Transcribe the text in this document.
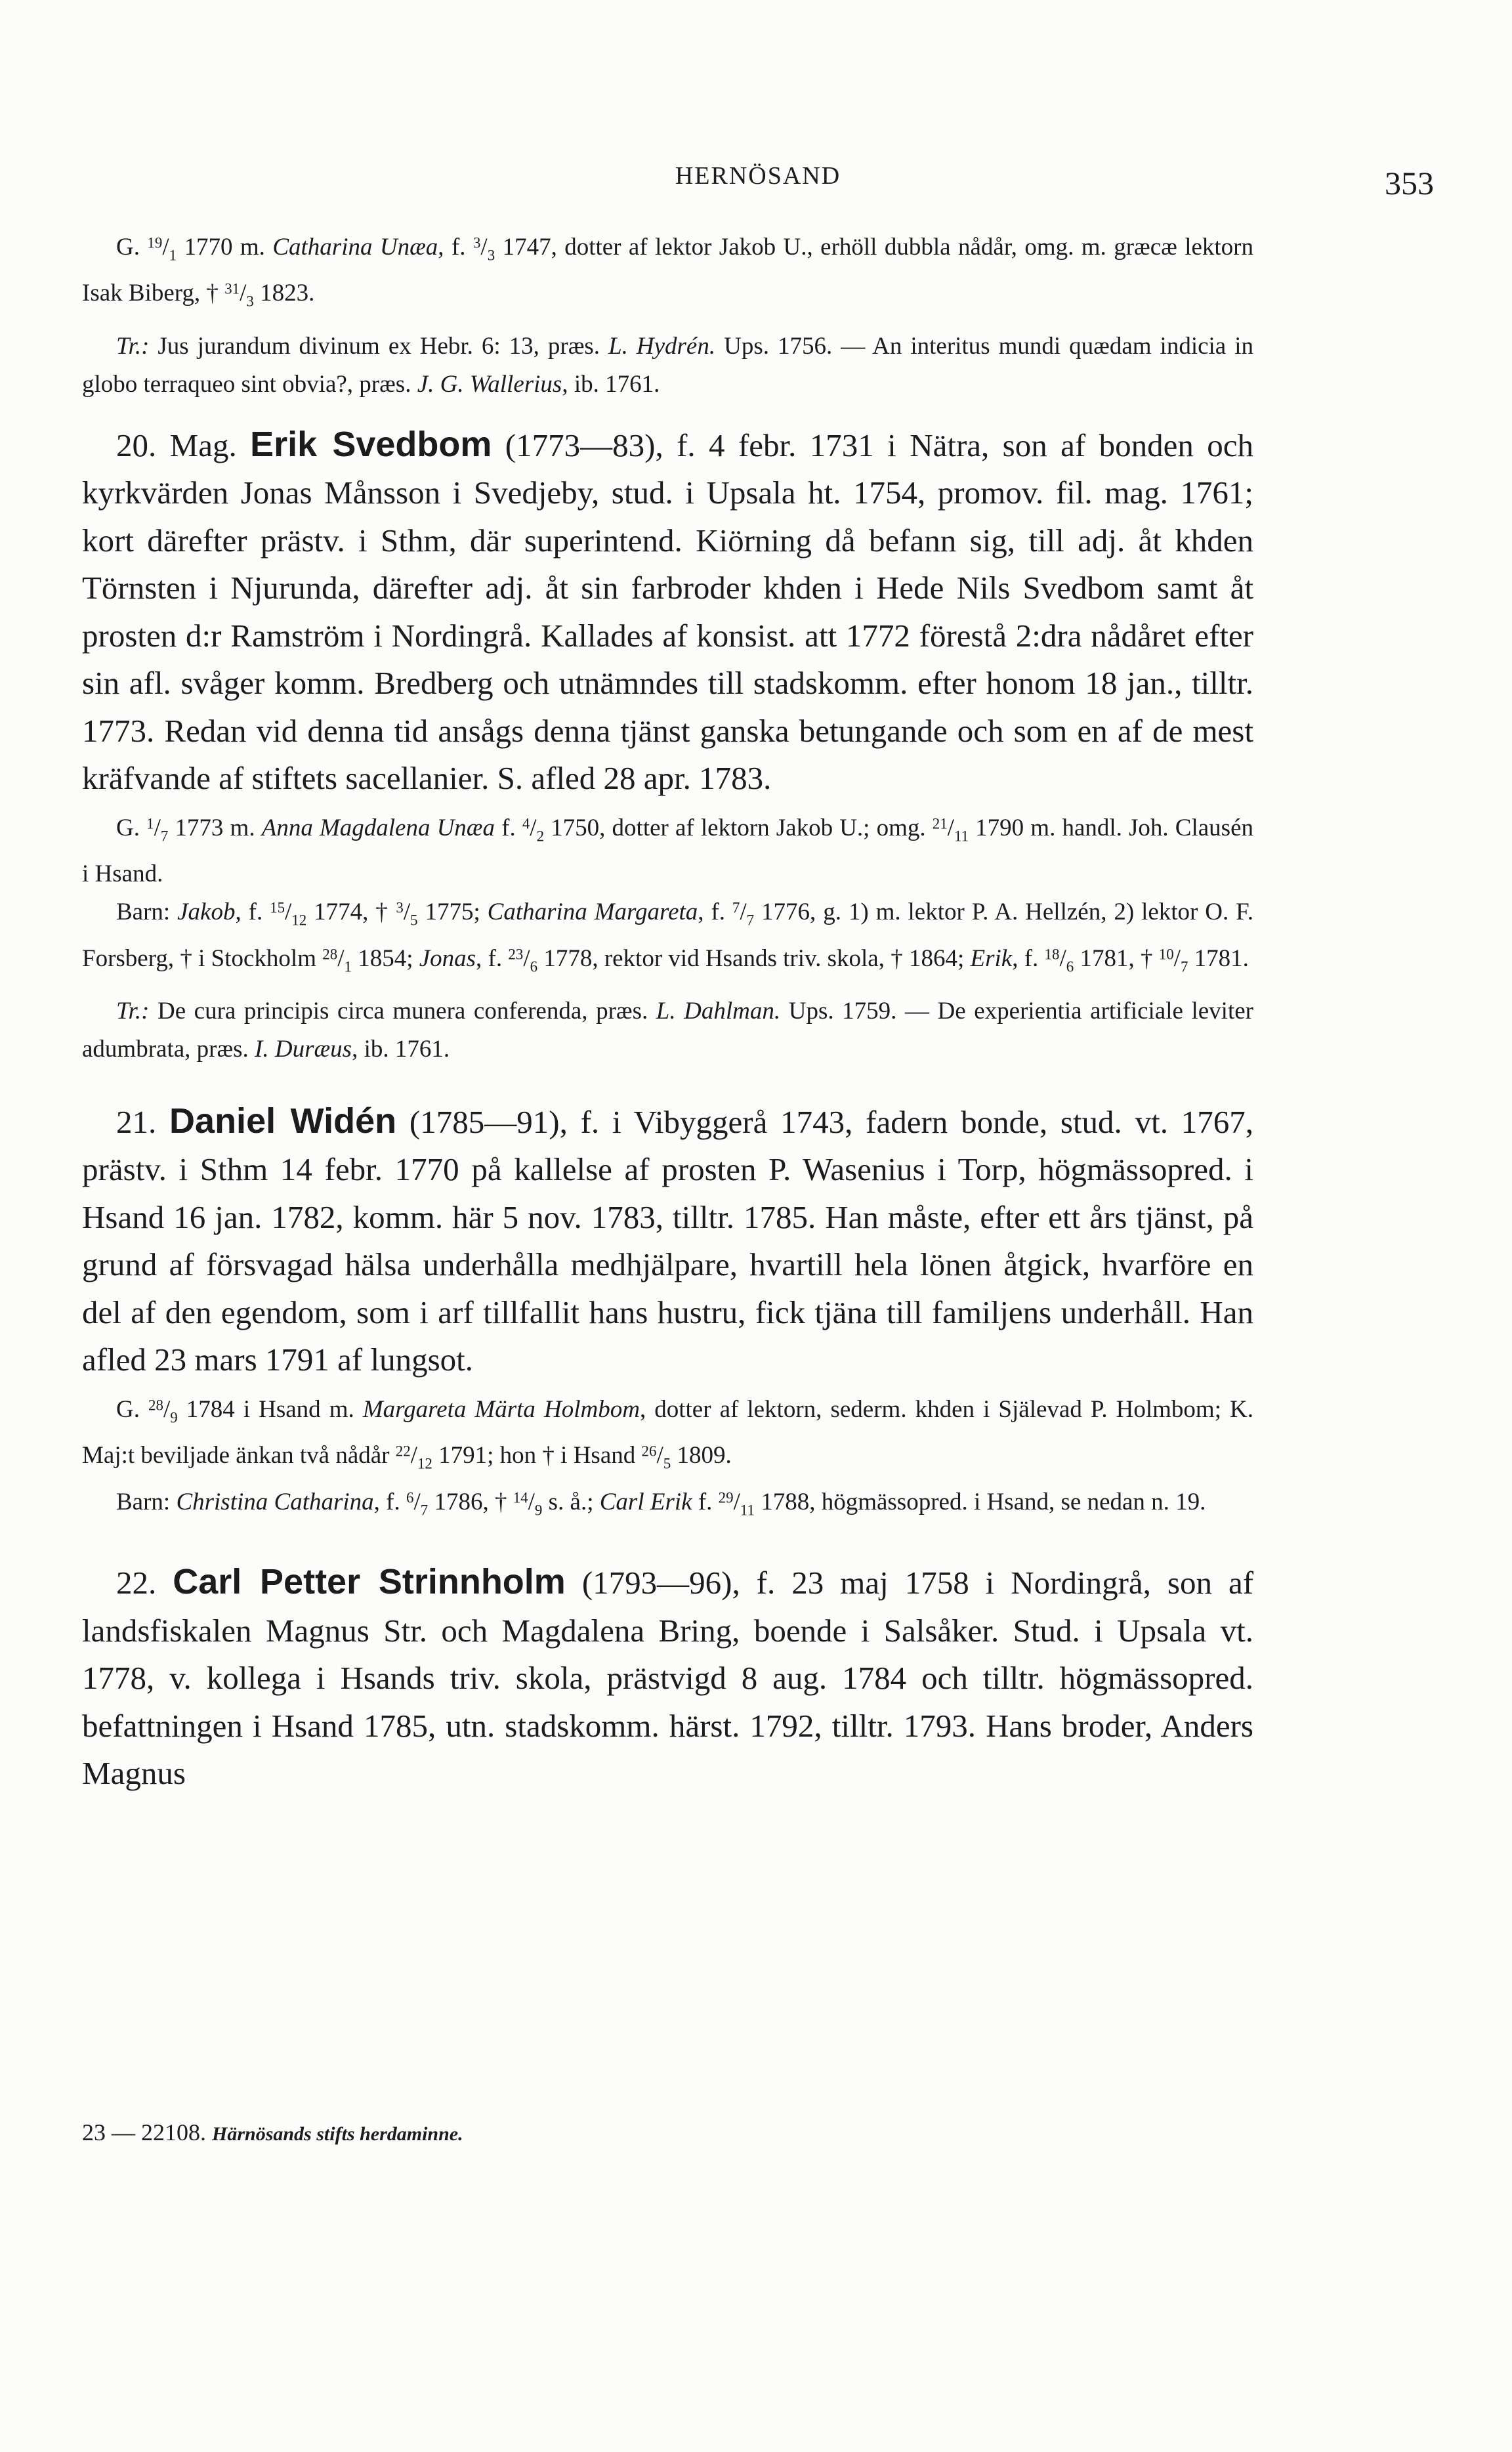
HERNÖSAND	353
G. $^{19}/_1$ 1770 m. Catharina Unæa, f. $^3/_3$ 1747, dotter af lektor Jakob U., erhöll dubbla nådår, omg. m. græcæ lektorn Isak Biberg, † $^{31}/_3$ 1823.
Tr.: Jus jurandum divinum ex Hebr. 6: 13, præs. L. Hydrén. Ups. 1756. — An interitus mundi quædam indicia in globo terraqueo sint obvia?, præs. J. G. Wallerius, ib. 1761.
20. Mag. Erik Svedbom (1773—83), f. 4 febr. 1731 i Nätra, son af bonden och kyrkvärden Jonas Månsson i Svedjeby, stud. i Upsala ht. 1754, promov. fil. mag. 1761; kort därefter prästv. i Sthm, där superintend. Kiörning då befann sig, till adj. åt khden Törnsten i Njurunda, därefter adj. åt sin farbroder khden i Hede Nils Svedbom samt åt prosten d:r Ramström i Nordingrå. Kallades af konsist. att 1772 förestå 2:dra nådåret efter sin afl. svåger komm. Bredberg och utnämndes till stadskomm. efter honom 18 jan., tilltr. 1773. Redan vid denna tid ansågs denna tjänst ganska betungande och som en af de mest kräfvande af stiftets sacellanier. S. afled 28 apr. 1783.
G. $^1/_7$ 1773 m. Anna Magdalena Unæa f. $^4/_2$ 1750, dotter af lektorn Jakob U.; omg. $^{21}/_{11}$ 1790 m. handl. Joh. Clausén i Hsand.
Barn: Jakob, f. $^{15}/_{12}$ 1774, † $^3/_5$ 1775; Catharina Margareta, f. $^7/_7$ 1776, g. 1) m. lektor P. A. Hellzén, 2) lektor O. F. Forsberg, † i Stockholm $^{28}/_1$ 1854; Jonas, f. $^{23}/_6$ 1778, rektor vid Hsands triv. skola, † 1864; Erik, f. $^{18}/_6$ 1781, † $^{10}/_7$ 1781.
Tr.: De cura principis circa munera conferenda, præs. L. Dahlman. Ups. 1759. — De experientia artificiale leviter adumbrata, præs. I. Duræus, ib. 1761.
21. Daniel Widén (1785—91), f. i Vibyggerå 1743, fadern bonde, stud. vt. 1767, prästv. i Sthm 14 febr. 1770 på kallelse af prosten P. Wasenius i Torp, högmässopred. i Hsand 16 jan. 1782, komm. här 5 nov. 1783, tilltr. 1785. Han måste, efter ett års tjänst, på grund af försvagad hälsa underhålla medhjälpare, hvartill hela lönen åtgick, hvarföre en del af den egendom, som i arf tillfallit hans hustru, fick tjäna till familjens underhåll. Han afled 23 mars 1791 af lungsot.
G. $^{28}/_9$ 1784 i Hsand m. Margareta Märta Holmbom, dotter af lektorn, sederm. khden i Själevad P. Holmbom; K. Maj:t beviljade änkan två nådår $^{22}/_{12}$ 1791; hon † i Hsand $^{26}/_5$ 1809.
Barn: Christina Catharina, f. $^6/_7$ 1786, † $^{14}/_9$ s. å.; Carl Erik f. $^{29}/_{11}$ 1788, högmässopred. i Hsand, se nedan n. 19.
22. Carl Petter Strinnholm (1793—96), f. 23 maj 1758 i Nordingrå, son af landsfiskalen Magnus Str. och Magdalena Bring, boende i Salsåker. Stud. i Upsala vt. 1778, v. kollega i Hsands triv. skola, prästvigd 8 aug. 1784 och tilltr. högmässopred. befattningen i Hsand 1785, utn. stadskomm. härst. 1792, tilltr. 1793. Hans broder, Anders Magnus
23 — 22108. Härnösands stifts herdaminne.
